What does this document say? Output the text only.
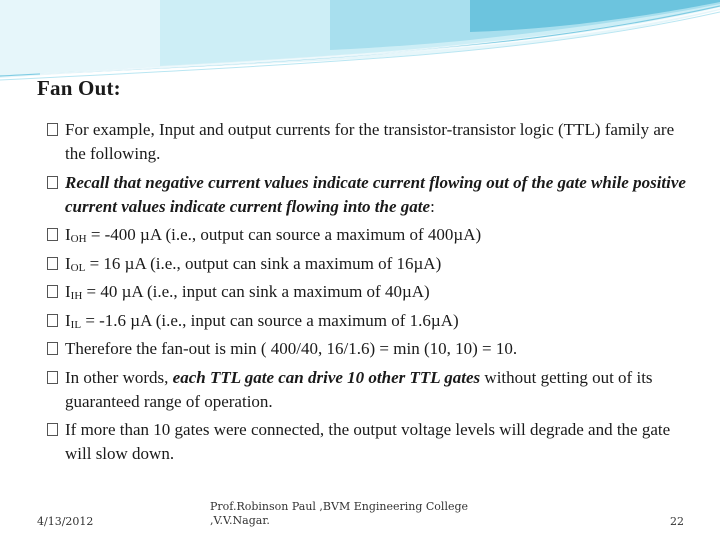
Fan Out:
For example, Input and output currents for the transistor-transistor logic (TTL) family are the following.
Recall that negative current values indicate current flowing out of the gate while positive current values indicate current flowing into the gate:
$I_{OH} = -400$ µA (i.e., output can source a maximum of 400µA)
$I_{OL} = 16$ µA (i.e., output can sink a maximum of 16µA)
$I_{IH} = 40$ µA (i.e., input can sink a maximum of 40µA)
$I_{IL} = -1.6$ µA (i.e., input can source a maximum of 1.6µA)
Therefore the fan-out is min ( 400/40, 16/1.6) = min (10, 10) = 10.
In other words, each TTL gate can drive 10 other TTL gates without getting out of its guaranteed range of operation.
If more than 10 gates were connected, the output voltage levels will degrade and the gate will slow down.
4/13/2012
Prof.Robinson Paul ,BVM Engineering College
,V.V.Nagar.	22
